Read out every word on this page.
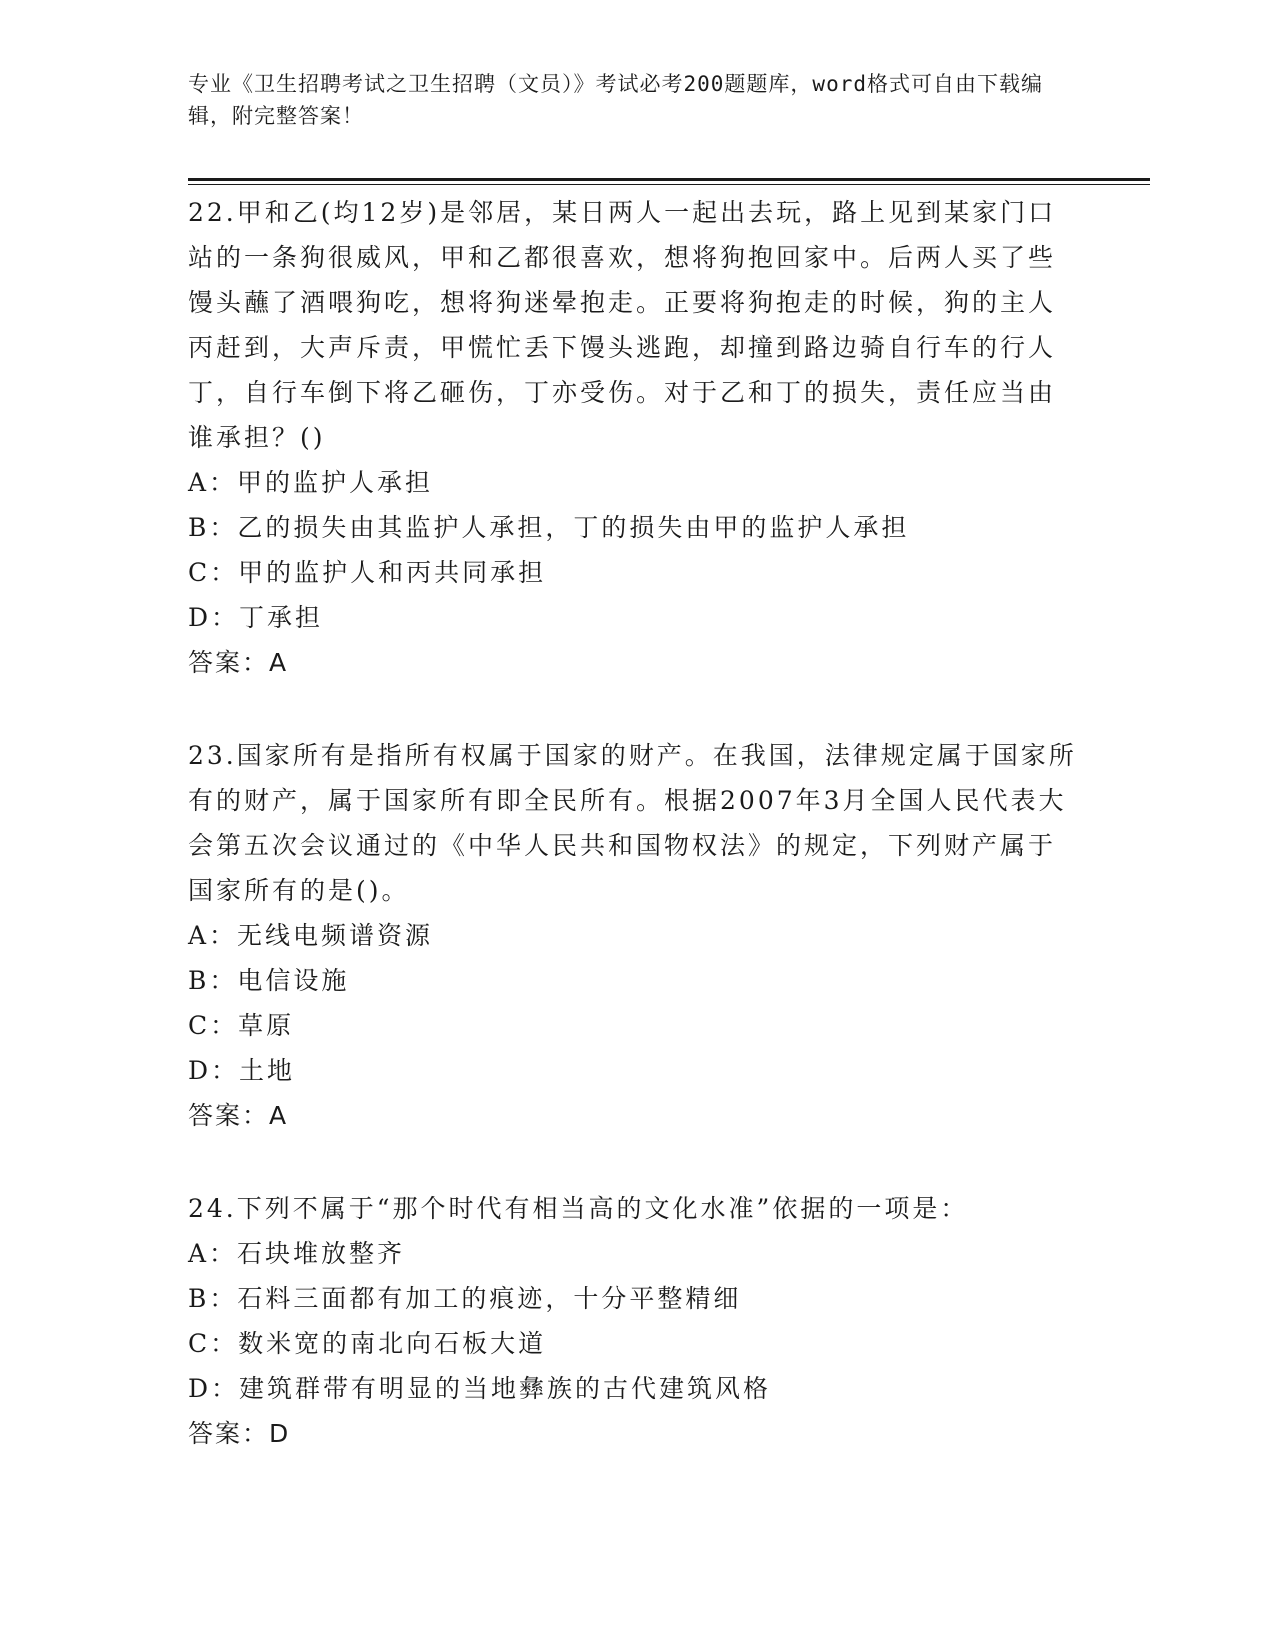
专业《卫生招聘考试之卫生招聘（文员）》考试必考200题题库，word格式可自由下载编辑，附完整答案！

22.甲和乙(均12岁)是邻居，某日两人一起出去玩，路上见到某家门口站的一条狗很威风，甲和乙都很喜欢，想将狗抱回家中。后两人买了些馒头蘸了酒喂狗吃，想将狗迷晕抱走。正要将狗抱走的时候，狗的主人丙赶到，大声斥责，甲慌忙丢下馒头逃跑，却撞到路边骑自行车的行人丁，自行车倒下将乙砸伤，丁亦受伤。对于乙和丁的损失，责任应当由谁承担？()

A：甲的监护人承担

B：乙的损失由其监护人承担，丁的损失由甲的监护人承担

C：甲的监护人和丙共同承担

D：丁承担

答案：A

23.国家所有是指所有权属于国家的财产。在我国，法律规定属于国家所有的财产，属于国家所有即全民所有。根据2007年3月全国人民代表大会第五次会议通过的《中华人民共和国物权法》的规定，下列财产属于国家所有的是()。

A：无线电频谱资源

B：电信设施

C：草原

D：土地

答案：A

24.下列不属于“那个时代有相当高的文化水准”依据的一项是：

A：石块堆放整齐

B：石料三面都有加工的痕迹，十分平整精细

C：数米宽的南北向石板大道

D：建筑群带有明显的当地彝族的古代建筑风格

答案：D
